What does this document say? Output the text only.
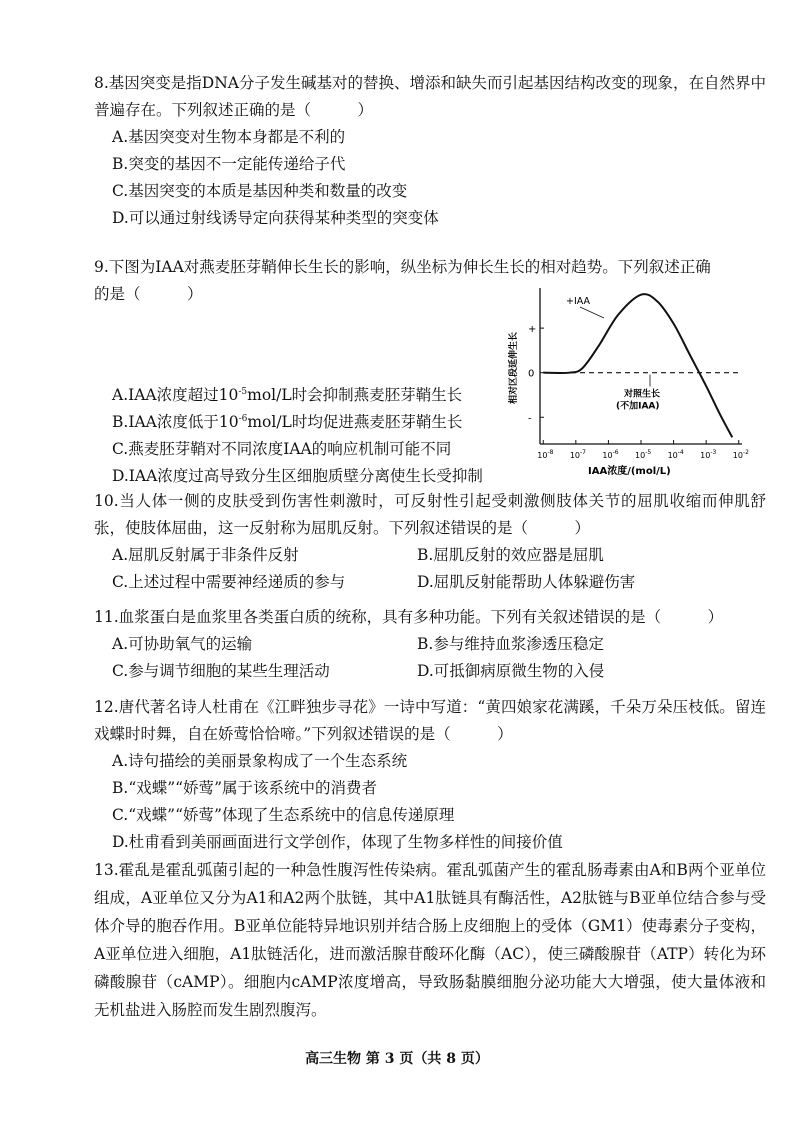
8.基因突变是指DNA分子发生碱基对的替换、增添和缺失而引起基因结构改变的现象，在自然界中普遍存在。下列叙述正确的是（　　　）

A.基因突变对生物本身都是不利的

B.突变的基因不一定能传递给子代

C.基因突变的本质是基因种类和数量的改变

D.可以通过射线诱导定向获得某种类型的突变体

9.下图为IAA对燕麦胚芽鞘伸长生长的影响，纵坐标为伸长生长的相对趋势。下列叙述正确

的是（　　　）

A.IAA浓度超过$10^{-5}mol/L$时会抑制燕麦胚芽鞘生长

B.IAA浓度低于$10^{-6}mol/L$时均促进燕麦胚芽鞘生长

C.燕麦胚芽鞘对不同浓度IAA的响应机制可能不同

D.IAA浓度过高导致分生区细胞质壁分离使生长受抑制

$10^{-8}$ $10^{-7}$ $10^{-6}$ $10^{-5}$ $10^{-4}$ $10^{-3}$ $10^{-2}$
+
0
-
+IAA
对照生长
(不加IAA)
IAA浓度/(mol/L)
相对区段延伸生长

10.当人体一侧的皮肤受到伤害性刺激时，可反射性引起受刺激侧肢体关节的屈肌收缩而伸肌舒张，使肢体屈曲，这一反射称为屈肌反射。下列叙述错误的是（　　　）

A.屈肌反射属于非条件反射	B.屈肌反射的效应器是屈肌
C.上述过程中需要神经递质的参与	D.屈肌反射能帮助人体躲避伤害

11.血浆蛋白是血浆里各类蛋白质的统称，具有多种功能。下列有关叙述错误的是（　　　）

A.可协助氧气的运输	B.参与维持血浆渗透压稳定
C.参与调节细胞的某些生理活动	D.可抵御病原微生物的入侵

12.唐代著名诗人杜甫在《江畔独步寻花》一诗中写道：“黄四娘家花满蹊，千朵万朵压枝低。留连戏蝶时时舞，自在娇莺恰恰啼。”下列叙述错误的是（　　　）

A.诗句描绘的美丽景象构成了一个生态系统

B.“戏蝶”“娇莺”属于该系统中的消费者

C.“戏蝶”“娇莺”体现了生态系统中的信息传递原理

D.杜甫看到美丽画面进行文学创作，体现了生物多样性的间接价值

13.霍乱是霍乱弧菌引起的一种急性腹泻性传染病。霍乱弧菌产生的霍乱肠毒素由A和B两个亚单位组成，A亚单位又分为A1和A2两个肽链，其中A1肽链具有酶活性，A2肽链与B亚单位结合参与受体介导的胞吞作用。B亚单位能特异地识别并结合肠上皮细胞上的受体（GM1）使毒素分子变构，A亚单位进入细胞，A1肽链活化，进而激活腺苷酸环化酶（AC），使三磷酸腺苷（ATP）转化为环磷酸腺苷（cAMP）。细胞内cAMP浓度增高，导致肠黏膜细胞分泌功能大大增强，使大量体液和无机盐进入肠腔而发生剧烈腹泻。

高三生物 第 3 页（共 8 页）
